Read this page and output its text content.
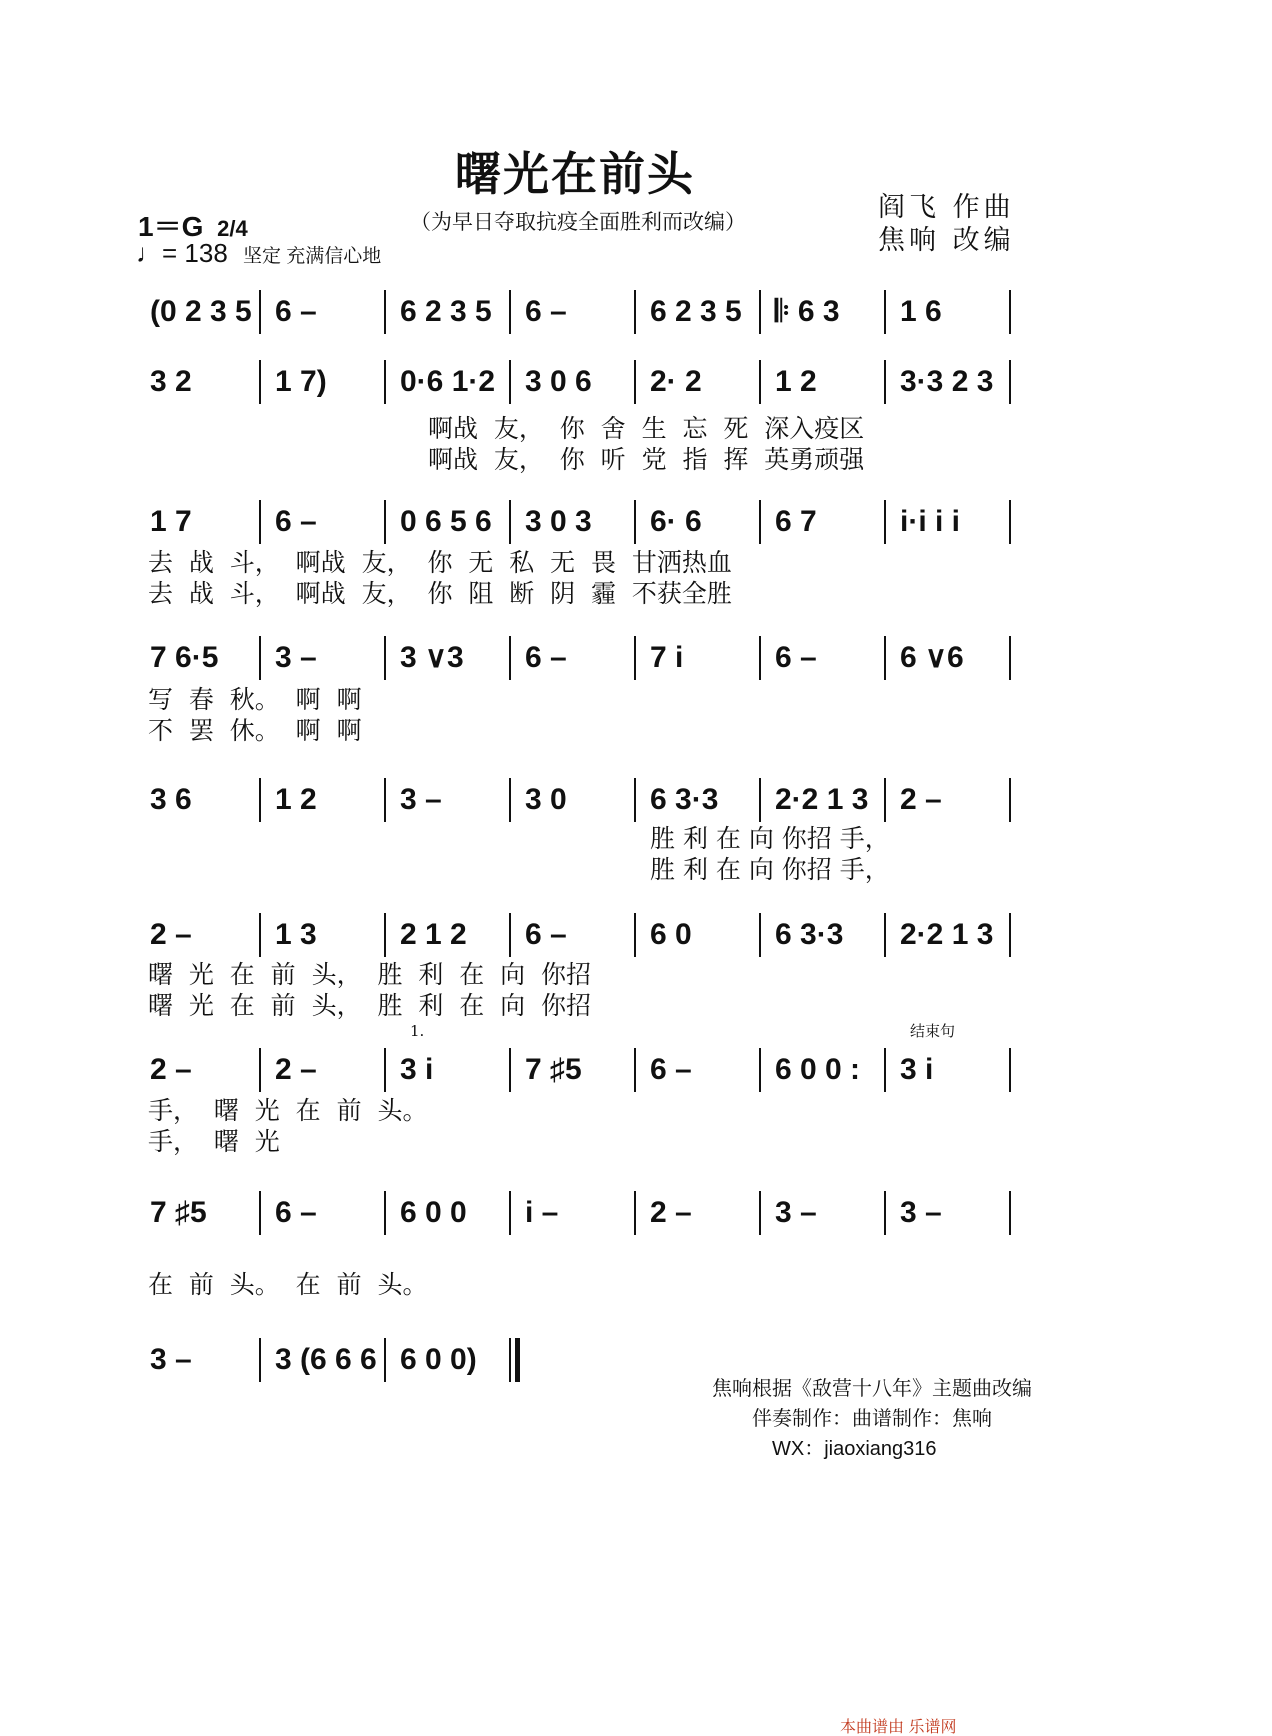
曙光在前头
（为早日夺取抗疫全面胜利而改编）	阎飞 作曲
焦响 改编
1＝G 2/4
♩= 138 坚定 充满信心地
(0 2 3 5 6 –	6 2 3 5 6 –	6 2 3 5 𝄆 6 3 1 6
3 2	1 7) 0·6 1·2 3 0 6 2· 2 1 2	3·3 2 3
啊战  友，  你  舍  生  忘  死  深入疫区
啊战  友，  你  听  党  指  挥  英勇顽强
1 7	6 –	0 6 5 6 3 0 3 6· 6 6 7	i·i i i
去  战  斗，  啊战  友，  你  无  私  无  畏  甘洒热血
去  战  斗，  啊战  友，  你  阻  断  阴  霾  不获全胜
7 6·5 3 –	3 ∨3 6 –	7 i	6 –	6 ∨6
写  春  秋。  啊  啊
不  罢  休。  啊  啊
3 6	1 2	3 –	3 0	6 3·3 2·2 1 3 2 –
胜 利 在 向 你招 手，
胜 利 在 向 你招 手，
2 –	1 3	2 1 2 6 –	6 0	6 3·3 2·2 1 3
曙  光  在  前  头，  胜  利  在  向  你招
曙  光  在  前  头，  胜  利  在  向  你招
2 –	2 –	3 i	7 ♯5 6 –	6 0 0 : 3 i
1.	结束句
手，  曙  光  在  前  头。
手，  曙  光
7 ♯5 6 –	6 0 0 i –	2 –	3 –	3 –
在  前  头。  在  前  头。
3 –	3 (6 6 6 6 0 0)
焦响根据《敌营十八年》主题曲改编
伴奏制作：曲谱制作：焦响
WX：jiaoxiang316
本曲谱由 乐谱网
